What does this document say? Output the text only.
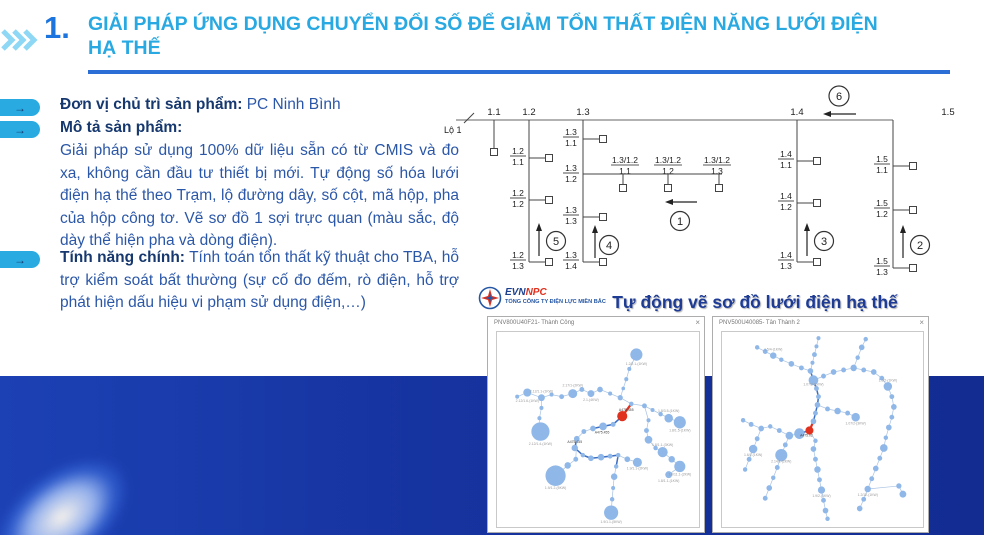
1. GIẢI PHÁP ỨNG DỤNG CHUYỂN ĐỔI SỐ ĐỂ GIẢM TỔN THẤT ĐIỆN NĂNG LƯỚI ĐIỆN HẠ THẾ
→
→
→

Đơn vị chủ trì sản phẩm: PC Ninh Bình

Mô tả sản phẩm:

Giải pháp sử dụng 100% dữ liệu sẵn có từ CMIS và đo xa, không cần đầu tư thiết bị mới. Tự động số hóa lưới điện hạ thế theo Trạm, lộ đường dây, số cột, mã hộp, pha của hộp công tơ. Vẽ sơ đồ 1 sợi trực quan (màu sắc, độ dày thể hiện pha và dòng điện).

Tính năng chính: Tính toán tổn thất kỹ thuật cho TBA, hỗ trợ kiểm soát bất thường (sự cố đo đếm, rò điện, hỗ trợ phát hiện dấu hiệu vi phạm sử dụng điện,…)
1.1 1.2	1.3	1.4	1.5
Lộ 1
1.2
1.1
1.2
1.2
1.2
1.3
1.3
1.1
1.3
1.2
1.3
1.3
1.3
1.4
1.3/1.2
1.1
1.3/1.2
1.2
1.3/1.2
1.3
1.4
1.1
1.4
1.2
1.4
1.3
1.5
1.1
1.5
1.2
1.5
1.3
1
2
3
4
5
6
EVNNPC
TỔNG CÔNG TY ĐIỆN LỰC MIỀN BẮC Tự động vẽ sơ đồ lưới điện hạ thế
PNV800U40F21- Thành Công	×
1.2/2.1-(1KW)
2.1-(4KW)
2.17/1-(2KW)
2.12/1.6-(1KW)
2.12/1.1-(1KW)
2.12/1.4-(1KW)
A475.455
A475.455
A475.455
1.9/1.2-(5KW)
1.9/1.1-(5KW)
1.9/1.1-(2KW)
1.8/3.5-(1KW)
1.8/1.5-(1KW)
1.8/1.1-(3KW)
1.8/11.1-(2KW)
1.8/1.1-(1KW)
PNV500U40085- Tân Thành 2	×
1.07/2-(1KW)
2.14/1-(2KW)
A475.02
1.3/2-(1KW)
1.07/2-(3KW)
1.6/1-(1KW)
1.2/12-(1KW)
1.9/2-(1KW)
1.5/4-(1KW)
